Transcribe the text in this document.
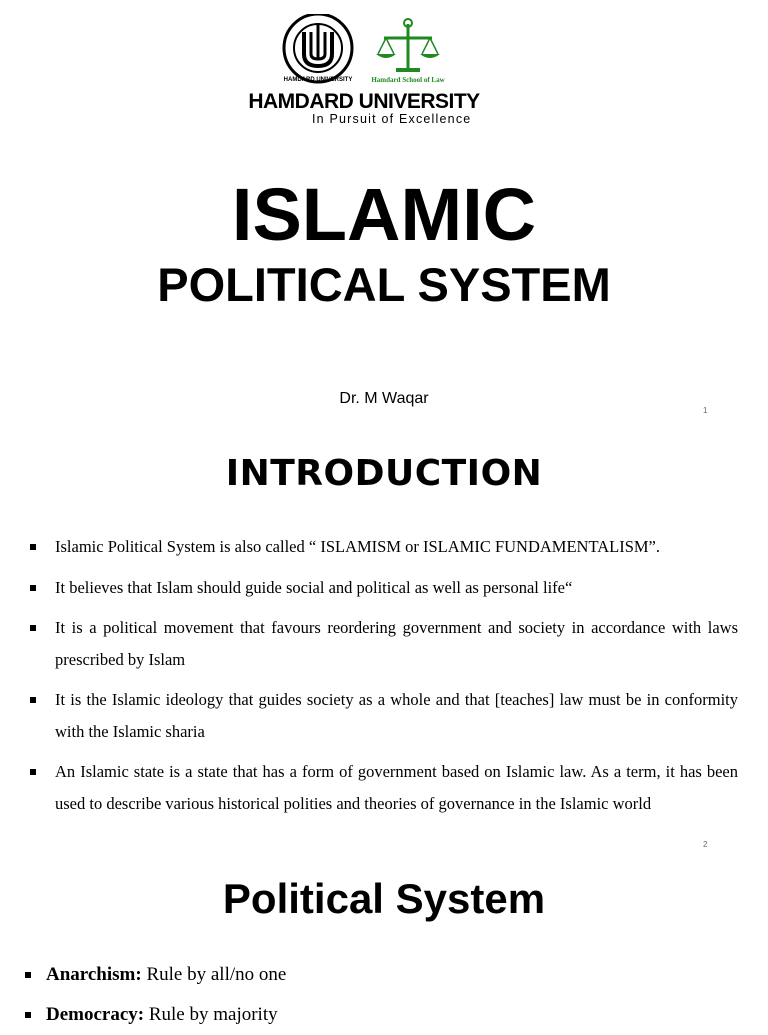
HAMDARD UNIVERSITY	Hamdard School of Law
HAMDARD UNIVERSITY
In Pursuit of Excellence
ISLAMIC
POLITICAL SYSTEM
Dr. M Waqar
1
INTRODUCTION
Islamic Political System is also called “ ISLAMISM or ISLAMIC FUNDAMENTALISM”.
It believes that Islam should guide social and political as well as personal life“
It is a political movement that favours reordering government and society in accordance with laws prescribed by Islam
It is the Islamic ideology that guides society as a whole and that [teaches] law must be in conformity with the Islamic sharia
An Islamic state is a state that has a form of government based on Islamic law. As a term, it has been used to describe various historical polities and theories of governance in the Islamic world
2
Political System
Anarchism: Rule by all/no one
Democracy: Rule by majority
